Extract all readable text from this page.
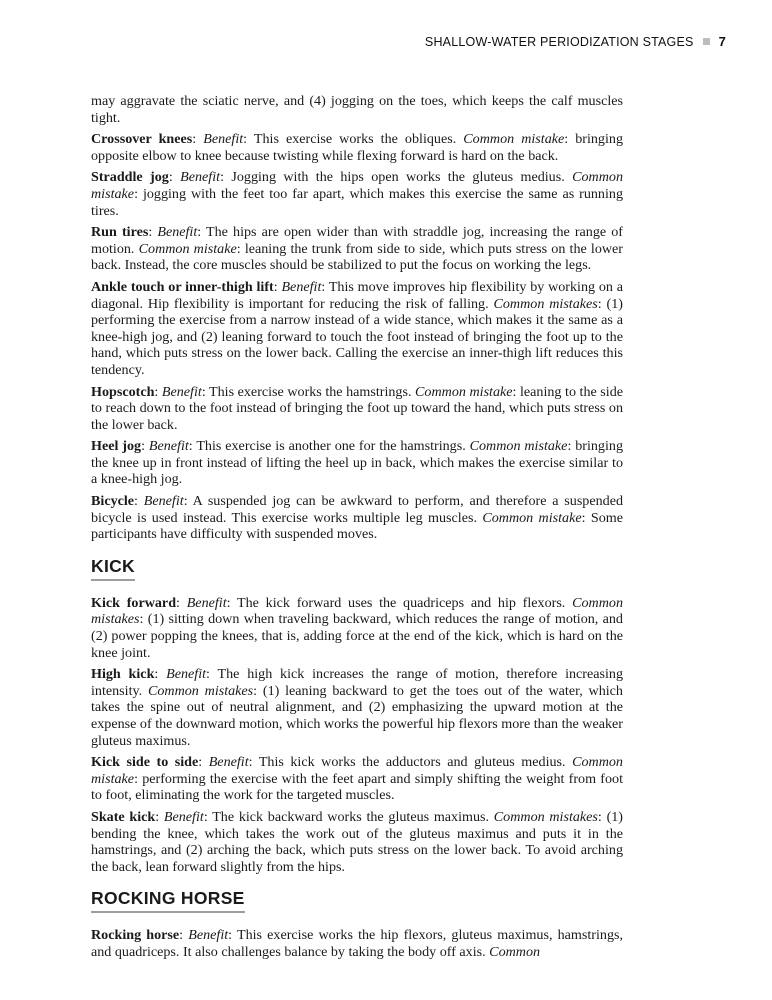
SHALLOW-WATER PERIODIZATION STAGES 7

may aggravate the sciatic nerve, and (4) jogging on the toes, which keeps the calf muscles tight.

Crossover knees: Benefit: This exercise works the obliques. Common mistake: bringing opposite elbow to knee because twisting while flexing forward is hard on the back.

Straddle jog: Benefit: Jogging with the hips open works the gluteus medius. Common mistake: jogging with the feet too far apart, which makes this exercise the same as running tires.

Run tires: Benefit: The hips are open wider than with straddle jog, increasing the range of motion. Common mistake: leaning the trunk from side to side, which puts stress on the lower back. Instead, the core muscles should be stabilized to put the focus on working the legs.

Ankle touch or inner-thigh lift: Benefit: This move improves hip flexibility by working on a diagonal. Hip flexibility is important for reducing the risk of falling. Common mistakes: (1) performing the exercise from a narrow instead of a wide stance, which makes it the same as a knee-high jog, and (2) leaning forward to touch the foot instead of bringing the foot up to the hand, which puts stress on the lower back. Calling the exercise an inner-thigh lift reduces this tendency.

Hopscotch: Benefit: This exercise works the hamstrings. Common mistake: leaning to the side to reach down to the foot instead of bringing the foot up toward the hand, which puts stress on the lower back.

Heel jog: Benefit: This exercise is another one for the hamstrings. Common mistake: bringing the knee up in front instead of lifting the heel up in back, which makes the exercise similar to a knee-high jog.

Bicycle: Benefit: A suspended jog can be awkward to perform, and therefore a suspended bicycle is used instead. This exercise works multiple leg muscles. Common mistake: Some participants have difficulty with suspended moves.

KICK

Kick forward: Benefit: The kick forward uses the quadriceps and hip flexors. Common mistakes: (1) sitting down when traveling backward, which reduces the range of motion, and (2) power popping the knees, that is, adding force at the end of the kick, which is hard on the knee joint.

High kick: Benefit: The high kick increases the range of motion, therefore increasing intensity. Common mistakes: (1) leaning backward to get the toes out of the water, which takes the spine out of neutral alignment, and (2) emphasizing the upward motion at the expense of the downward motion, which works the powerful hip flexors more than the weaker gluteus maximus.

Kick side to side: Benefit: This kick works the adductors and gluteus medius. Common mistake: performing the exercise with the feet apart and simply shifting the weight from foot to foot, eliminating the work for the targeted muscles.

Skate kick: Benefit: The kick backward works the gluteus maximus. Common mistakes: (1) bending the knee, which takes the work out of the gluteus maximus and puts it in the hamstrings, and (2) arching the back, which puts stress on the lower back. To avoid arching the back, lean forward slightly from the hips.

ROCKING HORSE

Rocking horse: Benefit: This exercise works the hip flexors, gluteus maximus, hamstrings, and quadriceps. It also challenges balance by taking the body off axis. Common
